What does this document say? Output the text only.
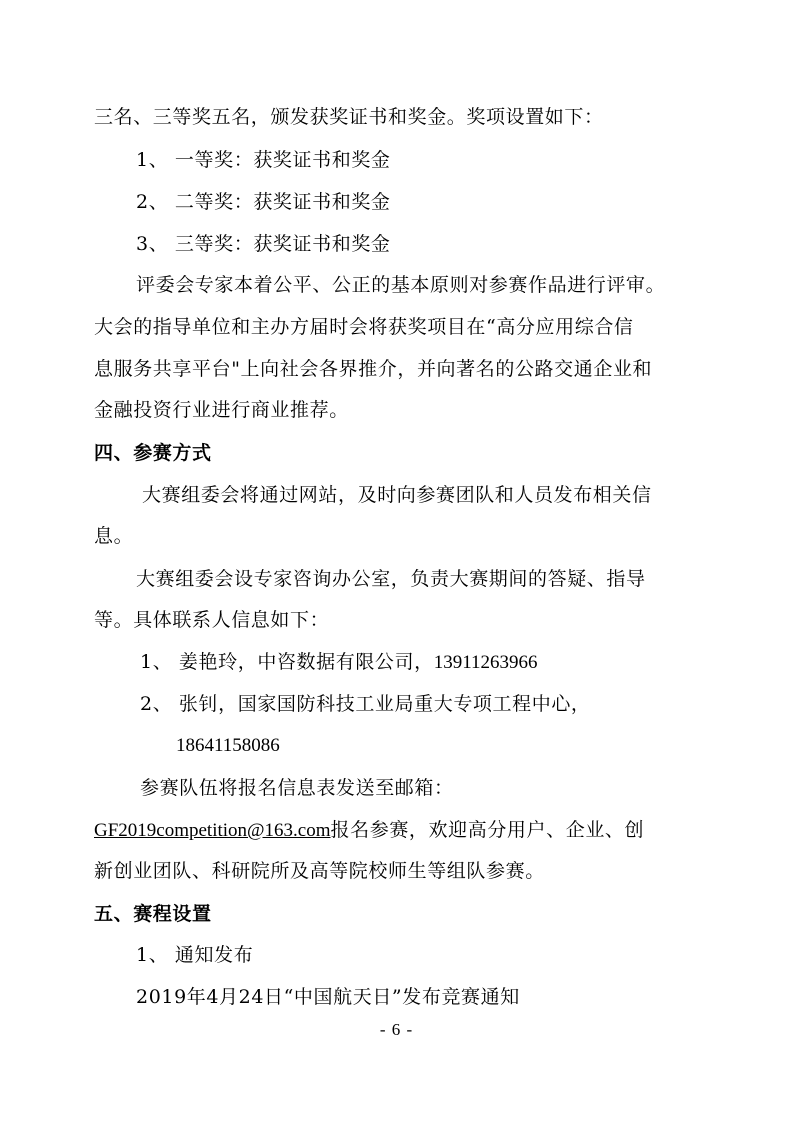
三名、三等奖五名，颁发获奖证书和奖金。奖项设置如下：
1、 一等奖：获奖证书和奖金
2、 二等奖：获奖证书和奖金
3、 三等奖：获奖证书和奖金
评委会专家本着公平、公正的基本原则对参赛作品进行评审。
大会的指导单位和主办方届时会将获奖项目在“高分应用综合信
息服务共享平台"上向社会各界推介，并向著名的公路交通企业和
金融投资行业进行商业推荐。
四、参赛方式
大赛组委会将通过网站，及时向参赛团队和人员发布相关信
息。
大赛组委会设专家咨询办公室，负责大赛期间的答疑、指导
等。具体联系人信息如下：
1、 姜艳玲，中咨数据有限公司，13911263966
2、 张钊，国家国防科技工业局重大专项工程中心，
18641158086
参赛队伍将报名信息表发送至邮箱：
GF2019competition@163.com报名参赛，欢迎高分用户、企业、创
新创业团队、科研院所及高等院校师生等组队参赛。
五、赛程设置
1、 通知发布
2019年4月24日“中国航天日”发布竞赛通知
- 6 -
